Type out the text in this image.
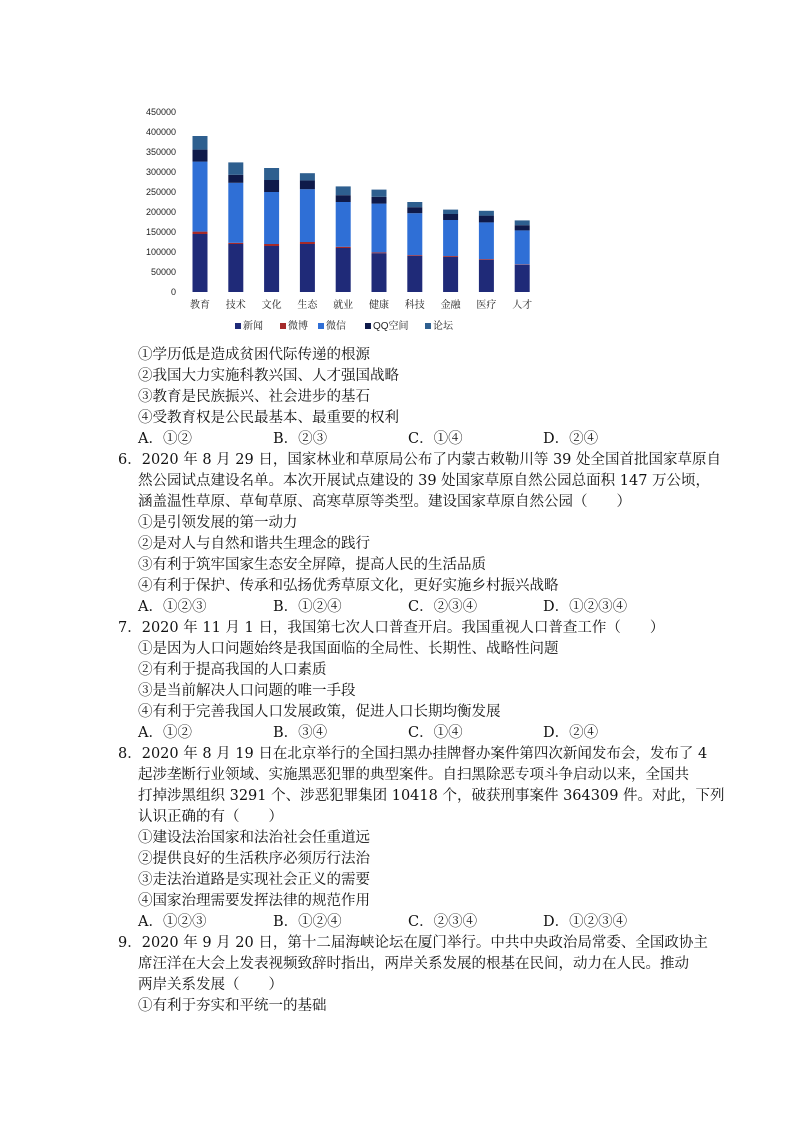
0
50000
100000
150000
200000
250000
300000
350000
400000
450000
教育 技术 文化 生态 就业 健康 科技 金融 医疗 人才
新闻	微博 微信	QQ空间 论坛

①学历低是造成贫困代际传递的根源

②我国大力实施科教兴国、人才强国战略

③教育是民族振兴、社会进步的基石

④受教育权是公民最基本、最重要的权利

A．①②	B．②③	C．①④	D．②④

6．2020 年 8 月 29 日，国家林业和草原局公布了内蒙古敕勒川等 39 处全国首批国家草原自

然公园试点建设名单。本次开展试点建设的 39 处国家草原自然公园总面积 147 万公顷，

涵盖温性草原、草甸草原、高寒草原等类型。建设国家草原自然公园（　　）

①是引领发展的第一动力

②是对人与自然和谐共生理念的践行

③有利于筑牢国家生态安全屏障，提高人民的生活品质

④有利于保护、传承和弘扬优秀草原文化，更好实施乡村振兴战略

A．①②③	B．①②④	C．②③④	D．①②③④

7．2020 年 11 月 1 日，我国第七次人口普查开启。我国重视人口普查工作（　　）

①是因为人口问题始终是我国面临的全局性、长期性、战略性问题

②有利于提高我国的人口素质

③是当前解决人口问题的唯一手段

④有利于完善我国人口发展政策，促进人口长期均衡发展

A．①②	B．③④	C．①④	D．②④

8．2020 年 8 月 19 日在北京举行的全国扫黑办挂牌督办案件第四次新闻发布会，发布了 4

起涉垄断行业领域、实施黑恶犯罪的典型案件。自扫黑除恶专项斗争启动以来，全国共

打掉涉黑组织 3291 个、涉恶犯罪集团 10418 个，破获刑事案件 364309 件。对此，下列

认识正确的有（　　）

①建设法治国家和法治社会任重道远

②提供良好的生活秩序必须厉行法治

③走法治道路是实现社会正义的需要

④国家治理需要发挥法律的规范作用

A．①②③	B．①②④	C．②③④	D．①②③④

9．2020 年 9 月 20 日，第十二届海峡论坛在厦门举行。中共中央政治局常委、全国政协主

席汪洋在大会上发表视频致辞时指出，两岸关系发展的根基在民间，动力在人民。推动

两岸关系发展（　　）

①有利于夯实和平统一的基础
